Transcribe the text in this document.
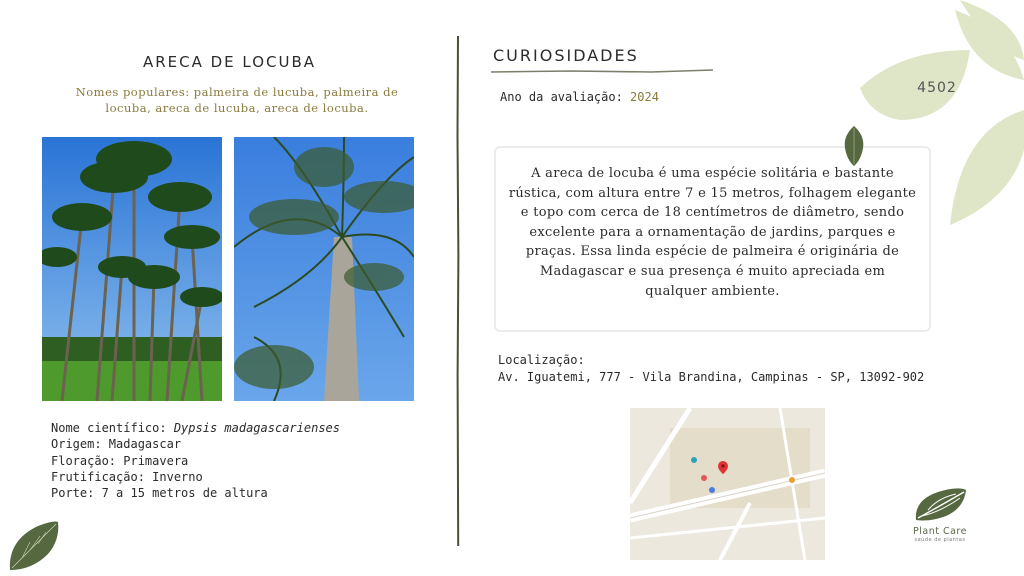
ARECA DE LOCUBA
Nomes populares: palmeira de lucuba, palmeira de locuba, areca de lucuba, areca de locuba.
Nome científico: Dypsis madagascarienses
Origem: Madagascar
Floração: Primavera
Frutificação: Inverno
Porte: 7 a 15 metros de altura
CURIOSIDADES
Ano da avaliação: 2024

A areca de locuba é uma espécie solitária e bastante rústica, com altura entre 7 e 15 metros, folhagem elegante e topo com cerca de 18 centímetros de diâmetro, sendo excelente para a ornamentação de jardins, parques e praças. Essa linda espécie de palmeira é originária de Madagascar e sua presença é muito apreciada em qualquer ambiente.

Localização:
Av. Iguatemi, 777 - Vila Brandina, Campinas - SP, 13092-902
4502
Plant Care
saúde de plantas
